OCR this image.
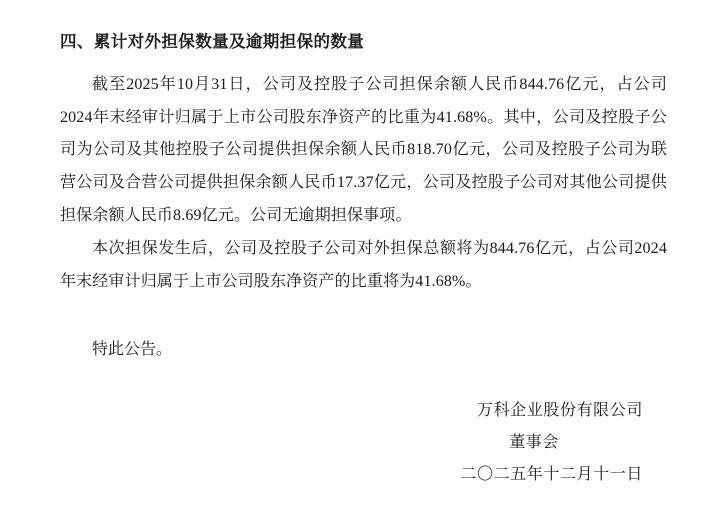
四、累计对外担保数量及逾期担保的数量

截至2025年10月31日，公司及控股子公司担保余额人民币844.76亿元，占公司 2024年末经审计归属于上市公司股东净资产的比重为41.68%。其中，公司及控股子公司为公司及其他控股子公司提供担保余额人民币818.70亿元，公司及控股子公司为联营公司及合营公司提供担保余额人民币17.37亿元，公司及控股子公司对其他公司提供担保余额人民币8.69亿元。公司无逾期担保事项。

本次担保发生后，公司及控股子公司对外担保总额将为844.76亿元，占公司2024年末经审计归属于上市公司股东净资产的比重将为41.68%。

特此公告。

万科企业股份有限公司
董事会
二〇二五年十二月十一日
